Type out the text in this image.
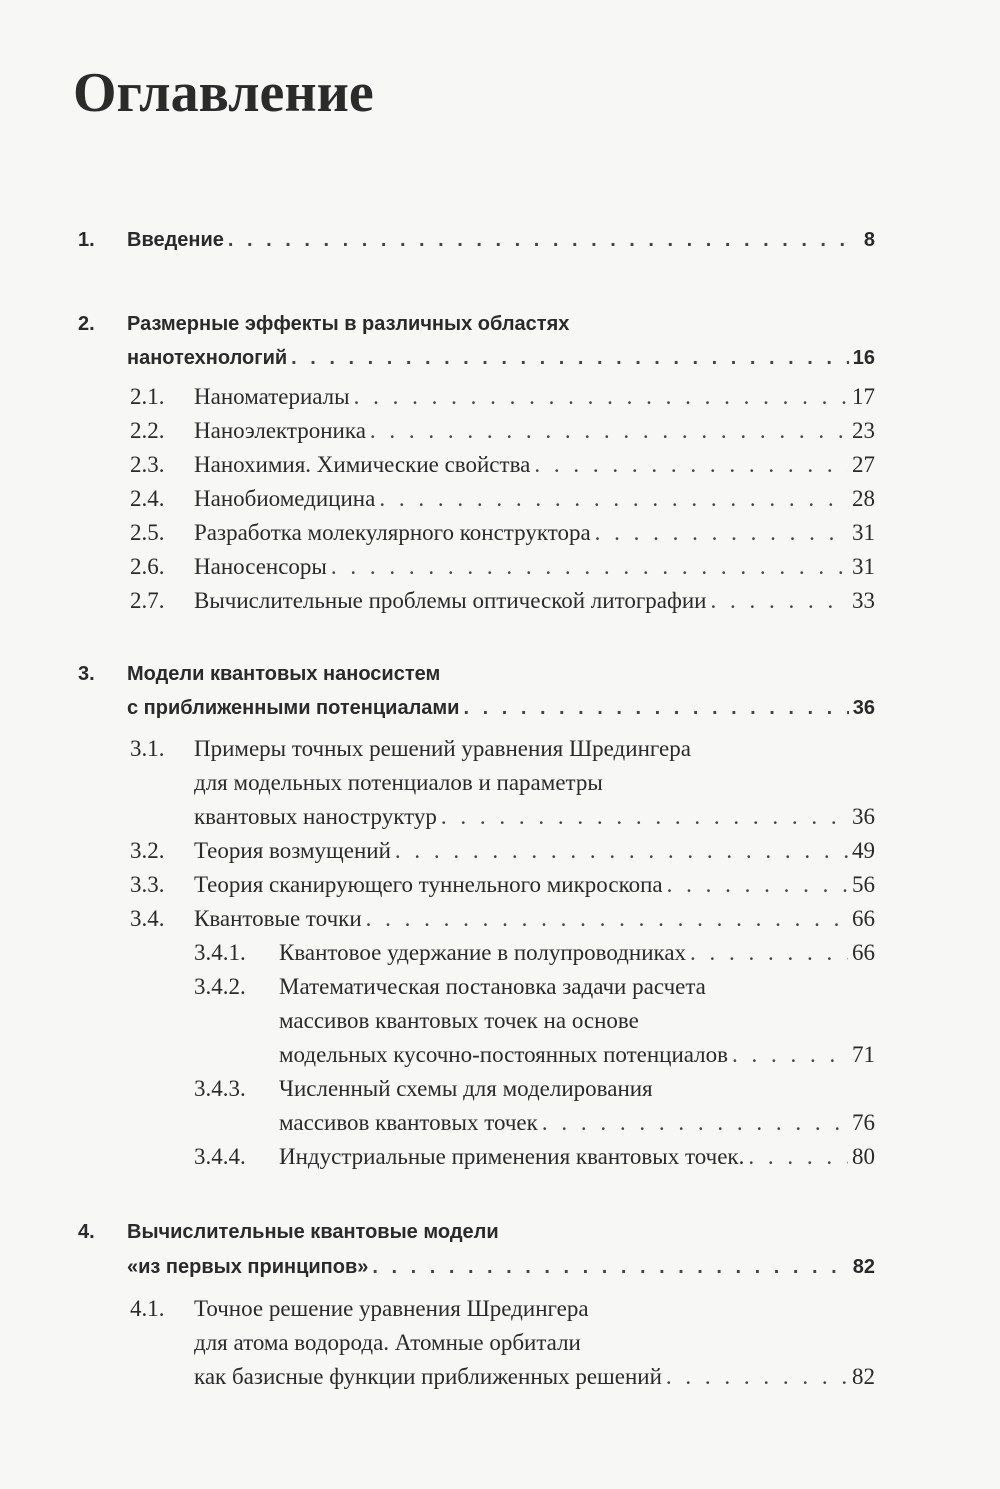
Оглавление
1. Введение . . .	8
2. Размерные эффекты в различных областях
нанотехнологий . . .	16
2.1. Наноматериалы . . .	17
2.2. Наноэлектроника . . .	23
2.3. Нанохимия. Химические свойства . . .	27
2.4. Нанобиомедицина . . .	28
2.5. Разработка молекулярного конструктора . . .	31
2.6. Наносенсоры . . .	31
2.7. Вычислительные проблемы оптической литографии . . .	33
3. Модели квантовых наносистем
с приближенными потенциалами . . .	36
3.1. Примеры точных решений уравнения Шредингера
для модельных потенциалов и параметры
квантовых наноструктур . . .	36
3.2. Теория возмущений . . .	49
3.3. Теория сканирующего туннельного микроскопа . . .	56
3.4. Квантовые точки . . .	66
3.4.1. Квантовое удержание в полупроводниках . . .	66
3.4.2. Математическая постановка задачи расчета
массивов квантовых точек на основе
модельных кусочно-постоянных потенциалов . . .	71
3.4.3. Численный схемы для моделирования
массивов квантовых точек . . .	76
3.4.4. Индустриальные применения квантовых точек. . . .	80
4. Вычислительные квантовые модели
«из первых принципов» . . .	82
4.1. Точное решение уравнения Шредингера
для атома водорода. Атомные орбитали
как базисные функции приближенных решений . . .	82
